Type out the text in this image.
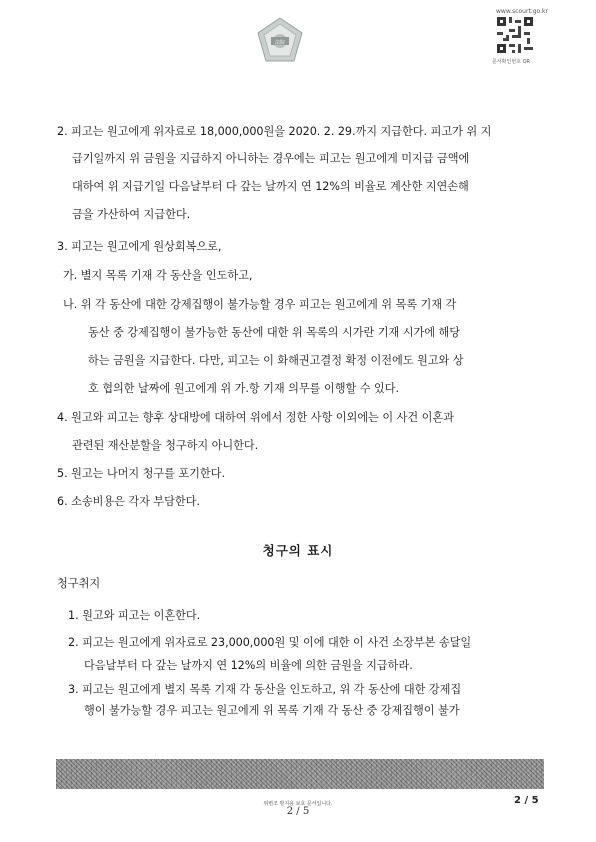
法院
www.scourt.go.kr
문서확인번호 QR
2. 피고는 원고에게 위자료로 18,000,000원을 2020. 2. 29.까지 지급한다. 피고가 위 지
급기일까지 위 금원을 지급하지 아니하는 경우에는 피고는 원고에게 미지급 금액에
대하여 위 지급기일 다음날부터 다 갚는 날까지 연 12%의 비율로 계산한 지연손해
금을 가산하여 지급한다.
3. 피고는 원고에게 원상회복으로,
가. 별지 목록 기재 각 동산을 인도하고,
나. 위 각 동산에 대한 강제집행이 불가능할 경우 피고는 원고에게 위 목록 기재 각
동산 중 강제집행이 불가능한 동산에 대한 위 목록의 시가란 기재 시가에 해당
하는 금원을 지급한다. 다만, 피고는 이 화해권고결정 확정 이전에도 원고와 상
호 협의한 날짜에 원고에게 위 가.항 기재 의무를 이행할 수 있다.
4. 원고와 피고는 향후 상대방에 대하여 위에서 정한 사항 이외에는 이 사건 이혼과
관련된 재산분할을 청구하지 아니한다.
5. 원고는 나머지 청구를 포기한다.
6. 소송비용은 각자 부담한다.
청구의 표시
청구취지
1. 원고와 피고는 이혼한다.
2. 피고는 원고에게 위자료로 23,000,000원 및 이에 대한 이 사건 소장부본 송달일
다음날부터 다 갚는 날까지 연 12%의 비율에 의한 금원을 지급하라.
3. 피고는 원고에게 별지 목록 기재 각 동산을 인도하고, 위 각 동산에 대한 강제집
행이 불가능할 경우 피고는 원고에게 위 목록 기재 각 동산 중 강제집행이 불가
위변조 방지용 보호 문서입니다.
2 / 5
2 / 5
